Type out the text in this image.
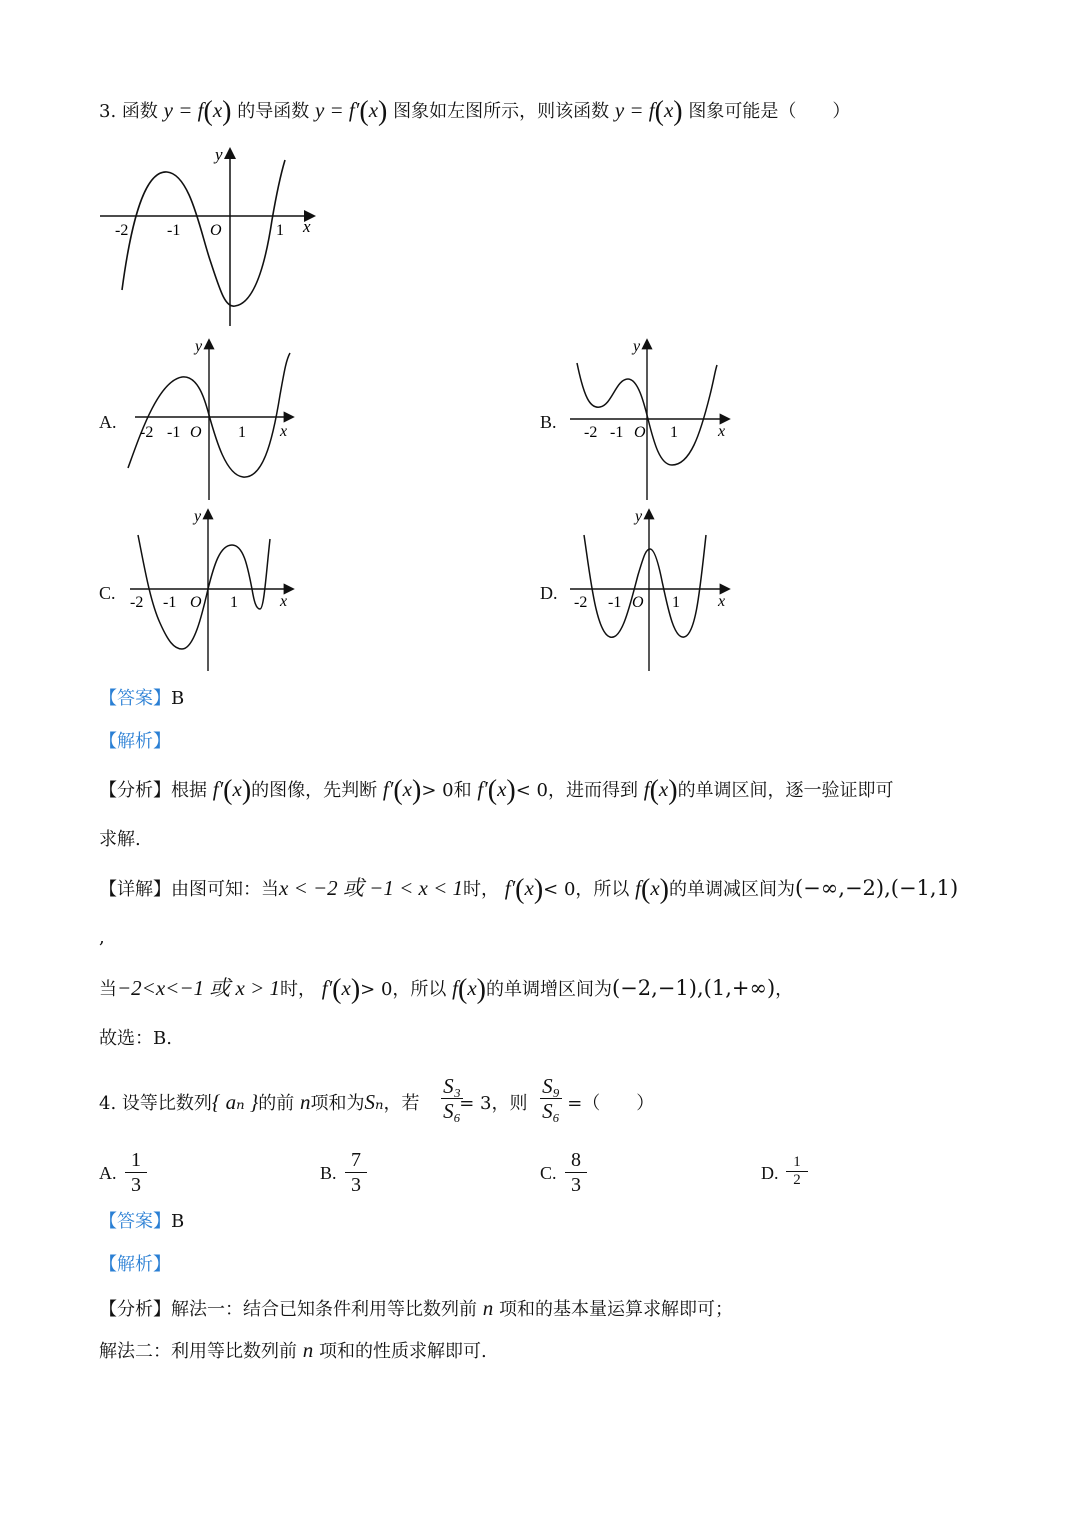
3. 函数 y = f(x) 的导函数 y = f′(x) 图象如左图所示，则该函数 y = f(x) 图象可能是（　　）
y
x
O
-2 -1	1
A.
y
x
O
-2 -1	1
B.
y
x
O
-2 -1	1
C.
y
x
O
-2 -1	1	D.
y
x
O
-2 -1	1
【答案】B
【解析】
【分析】根据 f′(x)的图像，先判断 f′(x)> 0和 f′(x)< 0，进而得到 f(x)的单调区间，逐一验证即可
求解.
【详解】由图可知：当x < −2 或 −1 < x < 1时， f′(x)< 0，所以 f(x)的单调减区间为(−∞,−2),(−1,1)
,
当−2<x<−1 或 x > 1时， f′(x)> 0，所以 f(x)的单调增区间为(−2,−1),(1,+∞)，
故选：B.
4. 设等比数列{ aₙ }的前 n项和为Sₙ，若 = 3，则 =（　　）
$\frac{\text{S₃}}{\text{S₆}}$	$\frac{\text{S₉}}{\text{S₆}}$
A. $\frac{1}{3}$	B. $\frac{7}{3}$	C. $\frac{8}{3}$	D. $\frac{1}{2}$
【答案】B
【解析】
【分析】解法一：结合已知条件利用等比数列前 n 项和的基本量运算求解即可；
解法二：利用等比数列前 n 项和的性质求解即可.
